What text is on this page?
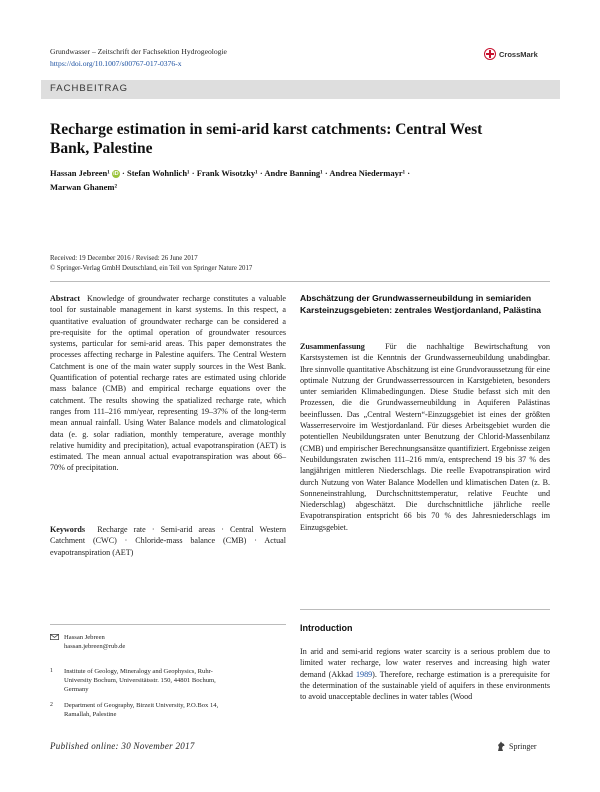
Grundwasser – Zeitschrift der Fachsektion Hydrogeologie
https://doi.org/10.1007/s00767-017-0376-x
CrossMark
FACHBEITRAG
Recharge estimation in semi-arid karst catchments: Central West Bank, Palestine
Hassan Jebreen¹ iD · Stefan Wohnlich¹ · Frank Wisotzky¹ · Andre Banning¹ · Andrea Niedermayr¹ ·
Marwan Ghanem²
Received: 19 December 2016 / Revised: 26 June 2017
© Springer-Verlag GmbH Deutschland, ein Teil von Springer Nature 2017
Abstract Knowledge of groundwater recharge constitutes a valuable tool for sustainable management in karst systems. In this respect, a quantitative evaluation of groundwater recharge can be considered a pre-requisite for the optimal operation of groundwater resources systems, particular for semi-arid areas. This paper demonstrates the processes affecting recharge in Palestine aquifers. The Central Western Catchment is one of the main water supply sources in the West Bank. Quantification of potential recharge rates are estimated using chloride mass balance (CMB) and empirical recharge equations over the catchment. The results showing the spatialized recharge rate, which ranges from 111–216 mm/year, representing 19–37% of the long-term mean annual rainfall. Using Water Balance models and climatological data (e. g. solar radiation, monthly temperature, average monthly relative humidity and precipitation), actual evapotranspiration (AET) is estimated. The mean annual actual evapotranspiration was about 66–70% of precipitation.
Keywords Recharge rate · Semi-arid areas · Central Western Catchment (CWC) · Chloride-mass balance (CMB) · Actual evapotranspiration (AET)
Abschätzung der Grundwasserneubildung in semiariden Karsteinzugsgebieten: zentrales Westjordanland, Palästina
Zusammenfassung	Für die nachhaltige Bewirtschaftung von Karstsystemen ist die Kenntnis der Grundwasserneubildung unabdingbar. Ihre sinnvolle quantitative Abschätzung ist eine Grundvoraussetzung für eine optimale Nutzung der Grundwasserressourcen in Karstgebieten, besonders unter semiariden Klimabedingungen. Diese Studie befasst sich mit den Prozessen, die die Grundwasserneubildung in Aquiferen Palästinas beeinflussen. Das „Central Western“-Einzugsgebiet ist eines der größten Wasserreservoire im Westjordanland. Für dieses Arbeitsgebiet wurden die potentiellen Neubildungsraten unter Benutzung der Chlorid-Massenbilanz (CMB) und empirischer Berechnungsansätze quantifiziert. Ergebnisse zeigen Neubildungsraten zwischen 111–216 mm/a, entsprechend 19 bis 37 % des langjährigen mittleren Niederschlags. Die reelle Evapotranspiration wird durch Nutzung von Water Balance Modellen und klimatischen Daten (z. B. Sonneneinstrahlung, Durchschnittstemperatur, relative Feuchte und Niederschlag) abgeschätzt. Die durchschnittliche jährliche reelle Evapotranspiration entspricht 66 bis 70 % des Jahresniederschlags im Einzugsgebiet.
Introduction
In arid and semi-arid regions water scarcity is a serious problem due to limited water recharge, low water reserves and increasing high water demand (Akkad 1989). Therefore, recharge estimation is a prerequisite for the determination of the sustainable yield of aquifers in these environments to avoid unacceptable declines in water tables (Wood
Hassan Jebreen
hassan.jebreen@rub.de
1 Institute of Geology, Mineralogy and Geophysics, Ruhr-University Bochum, Universitätsstr. 150, 44801 Bochum, Germany
2 Department of Geography, Birzeit University, P.O.Box 14, Ramallah, Palestine
Published online: 30 November 2017	Springer
